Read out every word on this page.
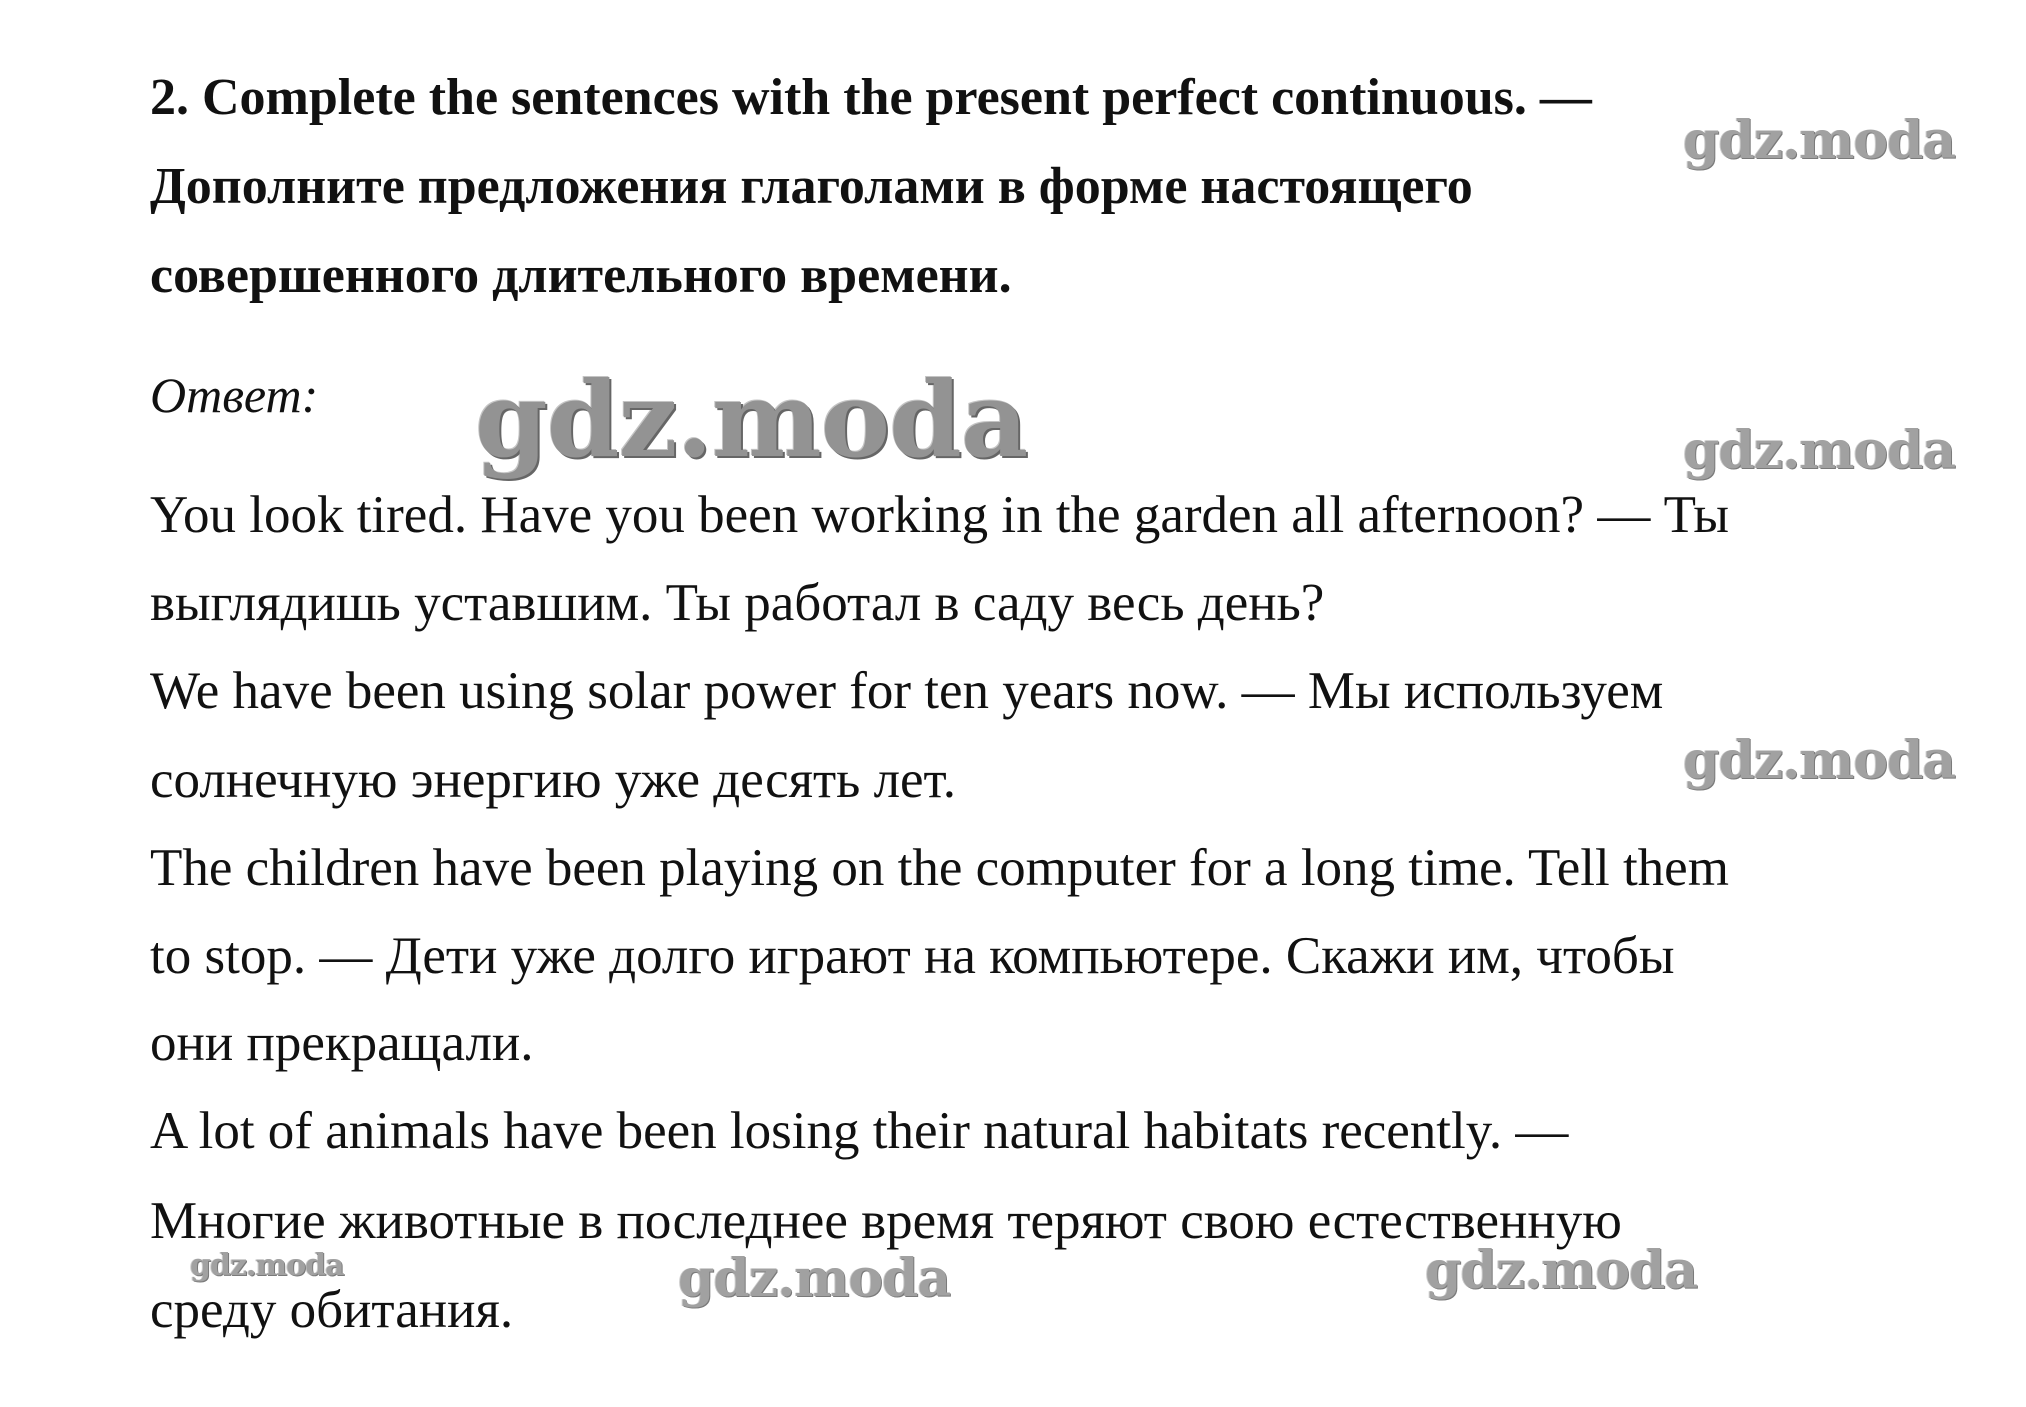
2. Complete the sentences with the present perfect continuous. —
Дополните предложения глаголами в форме настоящего
совершенного длительного времени.
Ответ:
You look tired. Have you been working in the garden all afternoon? — Ты
выглядишь уставшим. Ты работал в саду весь день?
We have been using solar power for ten years now. — Мы используем
солнечную энергию уже десять лет.
The children have been playing on the computer for a long time. Tell them
to stop. — Дети уже долго играют на компьютере. Скажи им, чтобы
они прекращали.
A lot of animals have been losing their natural habitats recently. —
Многие животные в последнее время теряют свою естественную
среду обитания.
gdz.moda
gdz.moda	gdz.moda
gdz.moda
gdz.moda	gdz.moda	gdz.moda
